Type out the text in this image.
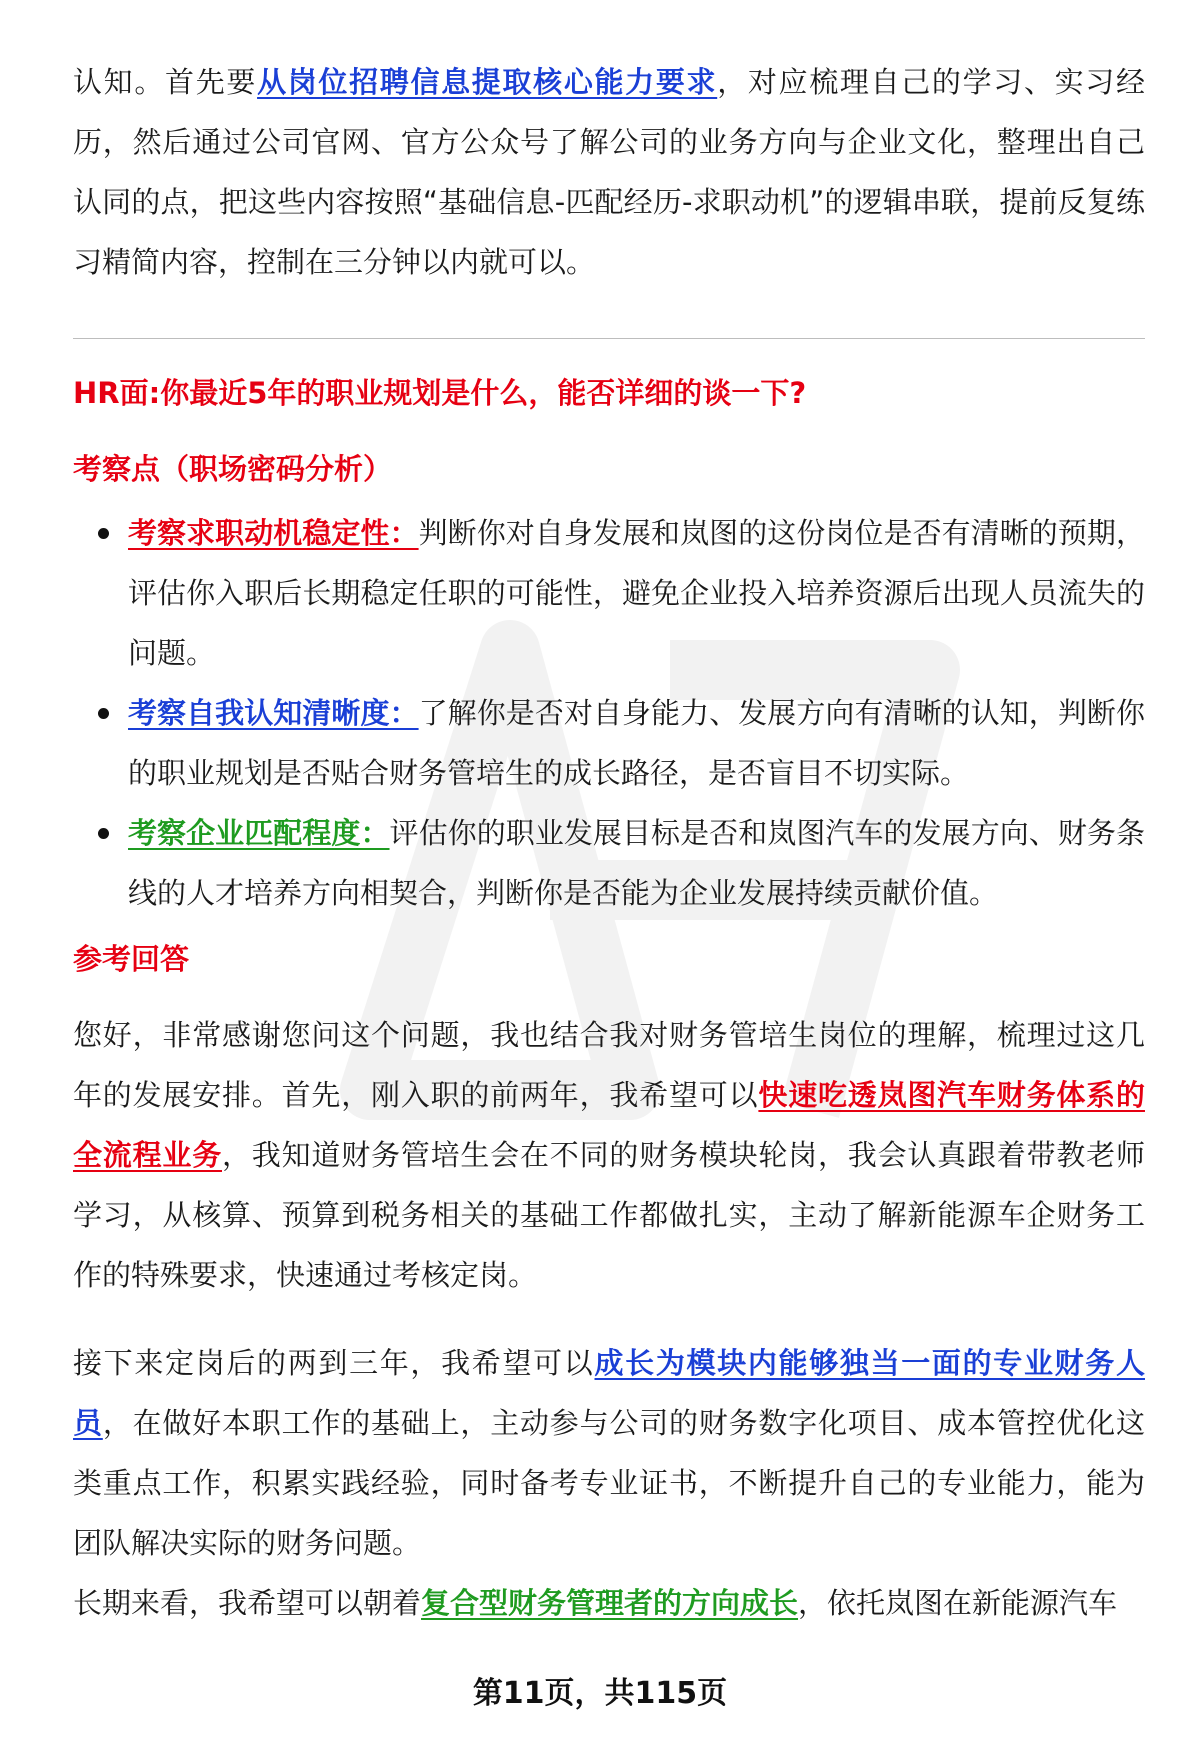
认知。首先要从岗位招聘信息提取核心能力要求，对应梳理自己的学习、实习经历，然后通过公司官网、官方公众号了解公司的业务方向与企业文化，整理出自己认同的点，把这些内容按照“基础信息-匹配经历-求职动机”的逻辑串联，提前反复练习精简内容，控制在三分钟以内就可以。

HR面:你最近5年的职业规划是什么，能否详细的谈一下?

考察点（职场密码分析）

考察求职动机稳定性：判断你对自身发展和岚图的这份岗位是否有清晰的预期，评估你入职后长期稳定任职的可能性，避免企业投入培养资源后出现人员流失的问题。
考察自我认知清晰度：了解你是否对自身能力、发展方向有清晰的认知，判断你的职业规划是否贴合财务管培生的成长路径，是否盲目不切实际。
考察企业匹配程度：评估你的职业发展目标是否和岚图汽车的发展方向、财务条线的人才培养方向相契合，判断你是否能为企业发展持续贡献价值。

参考回答

您好，非常感谢您问这个问题，我也结合我对财务管培生岗位的理解，梳理过这几年的发展安排。首先，刚入职的前两年，我希望可以快速吃透岚图汽车财务体系的全流程业务，我知道财务管培生会在不同的财务模块轮岗，我会认真跟着带教老师学习，从核算、预算到税务相关的基础工作都做扎实，主动了解新能源车企财务工作的特殊要求，快速通过考核定岗。

接下来定岗后的两到三年，我希望可以成长为模块内能够独当一面的专业财务人员，在做好本职工作的基础上，主动参与公司的财务数字化项目、成本管控优化这类重点工作，积累实践经验，同时备考专业证书，不断提升自己的专业能力，能为团队解决实际的财务问题。

长期来看，我希望可以朝着复合型财务管理者的方向成长，依托岚图在新能源汽车

第11页，共115页
